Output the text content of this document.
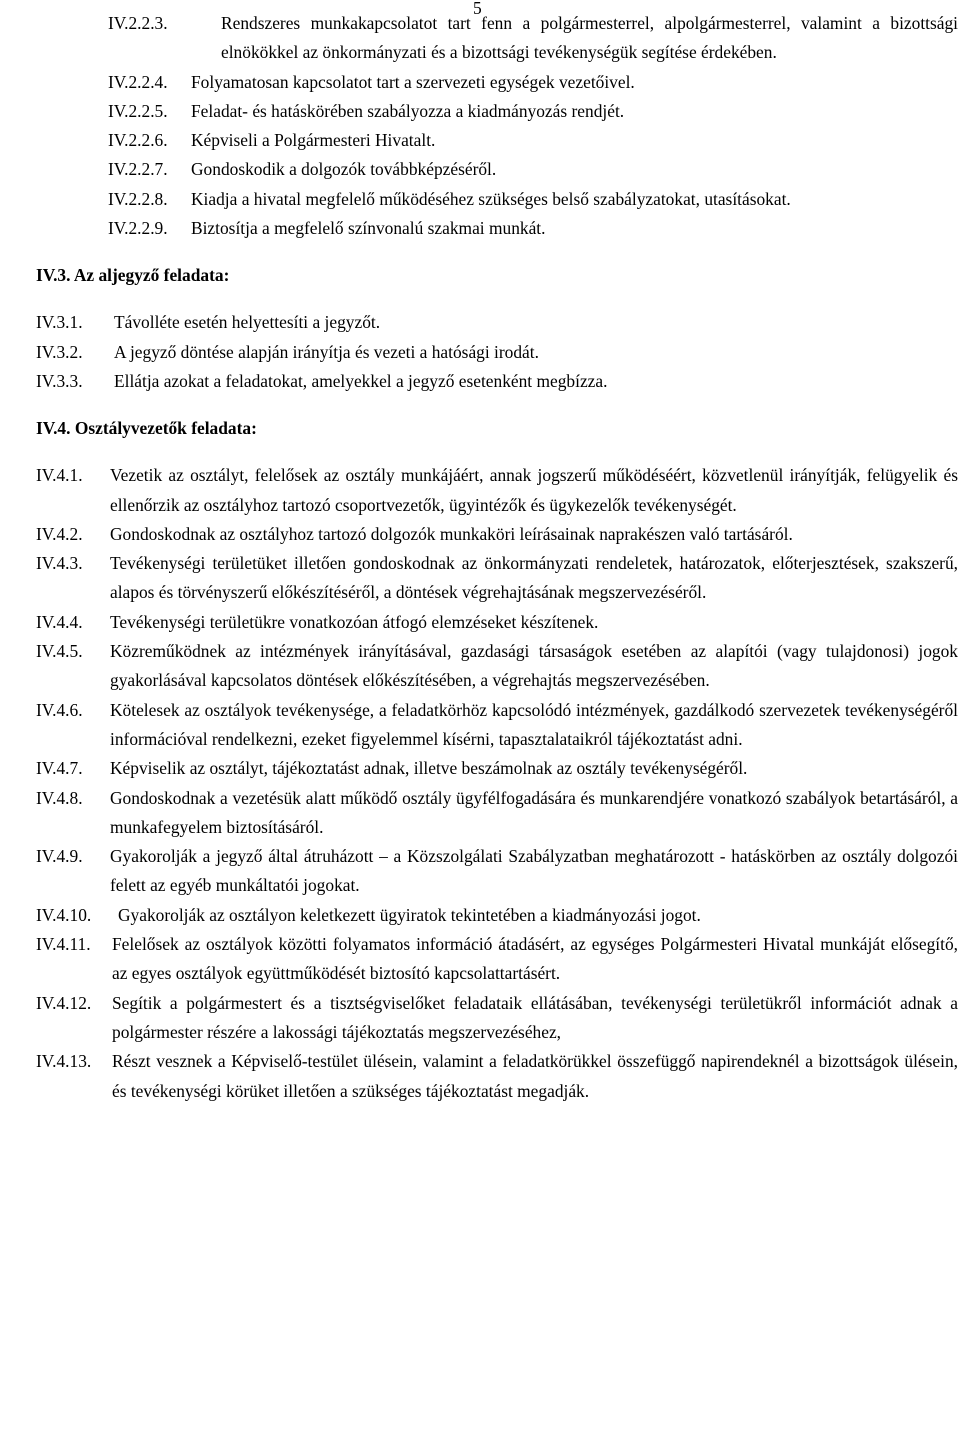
5
IV.2.2.3.	Rendszeres munkakapcsolatot tart fenn a polgármesterrel, alpolgármesterrel, valamint a bizottsági elnökökkel az önkormányzati és a bizottsági tevékenységük segítése érdekében.
IV.2.2.4.	Folyamatosan kapcsolatot tart a szervezeti egységek vezetőivel.
IV.2.2.5.	Feladat- és hatáskörében szabályozza a kiadmányozás rendjét.
IV.2.2.6.	Képviseli a Polgármesteri Hivatalt.
IV.2.2.7.	Gondoskodik a dolgozók továbbképzéséről.
IV.2.2.8.	Kiadja a hivatal megfelelő működéséhez szükséges belső szabályzatokat, utasításokat.
IV.2.2.9.	Biztosítja a megfelelő színvonalú szakmai munkát.
IV.3. Az aljegyző feladata:
IV.3.1.	Távolléte esetén helyettesíti a jegyzőt.
IV.3.2.	A jegyző döntése alapján irányítja és vezeti a hatósági irodát.
IV.3.3.	Ellátja azokat a feladatokat, amelyekkel a jegyző esetenként megbízza.
IV.4. Osztályvezetők feladata:
IV.4.1.	Vezetik az osztályt, felelősek az osztály munkájáért, annak jogszerű működéséért, közvetlenül irányítják, felügyelik és ellenőrzik az osztályhoz tartozó csoportvezetők, ügyintézők és ügykezelők tevékenységét.
IV.4.2.	Gondoskodnak az osztályhoz tartozó dolgozók munkaköri leírásainak naprakészen való tartásáról.
IV.4.3.	Tevékenységi területüket illetően gondoskodnak az önkormányzati rendeletek, határozatok, előterjesztések, szakszerű, alapos és törvényszerű előkészítéséről, a döntések végrehajtásának megszervezéséről.
IV.4.4.	Tevékenységi területükre vonatkozóan átfogó elemzéseket készítenek.
IV.4.5.	Közreműködnek az intézmények irányításával, gazdasági társaságok esetében az alapítói (vagy tulajdonosi) jogok gyakorlásával kapcsolatos döntések előkészítésében, a végrehajtás megszervezésében.
IV.4.6.	Kötelesek az osztályok tevékenysége, a feladatkörhöz kapcsolódó intézmények, gazdálkodó szervezetek tevékenységéről információval rendelkezni, ezeket figyelemmel kísérni, tapasztalataikról tájékoztatást adni.
IV.4.7.	Képviselik az osztályt, tájékoztatást adnak, illetve beszámolnak az osztály tevékenységéről.
IV.4.8.	Gondoskodnak a vezetésük alatt működő osztály ügyfélfogadására és munkarendjére vonatkozó szabályok betartásáról, a munkafegyelem biztosításáról.
IV.4.9.	Gyakorolják a jegyző által átruházott – a Közszolgálati Szabályzatban meghatározott - hatáskörben az osztály dolgozói felett az egyéb munkáltatói jogokat.
IV.4.10.	Gyakorolják az osztályon keletkezett ügyiratok tekintetében a kiadmányozási jogot.
IV.4.11.	Felelősek az osztályok közötti folyamatos információ átadásért, az egységes Polgármesteri Hivatal munkáját elősegítő, az egyes osztályok együttműködését biztosító kapcsolattartásért.
IV.4.12.	Segítik a polgármestert és a tisztségviselőket feladataik ellátásában, tevékenységi területükről információt adnak a polgármester részére a lakossági tájékoztatás megszervezéséhez,
IV.4.13.	Részt vesznek a Képviselő-testület ülésein, valamint a feladatkörükkel összefüggő napirendeknél a bizottságok ülésein, és tevékenységi körüket illetően a szükséges tájékoztatást megadják.
